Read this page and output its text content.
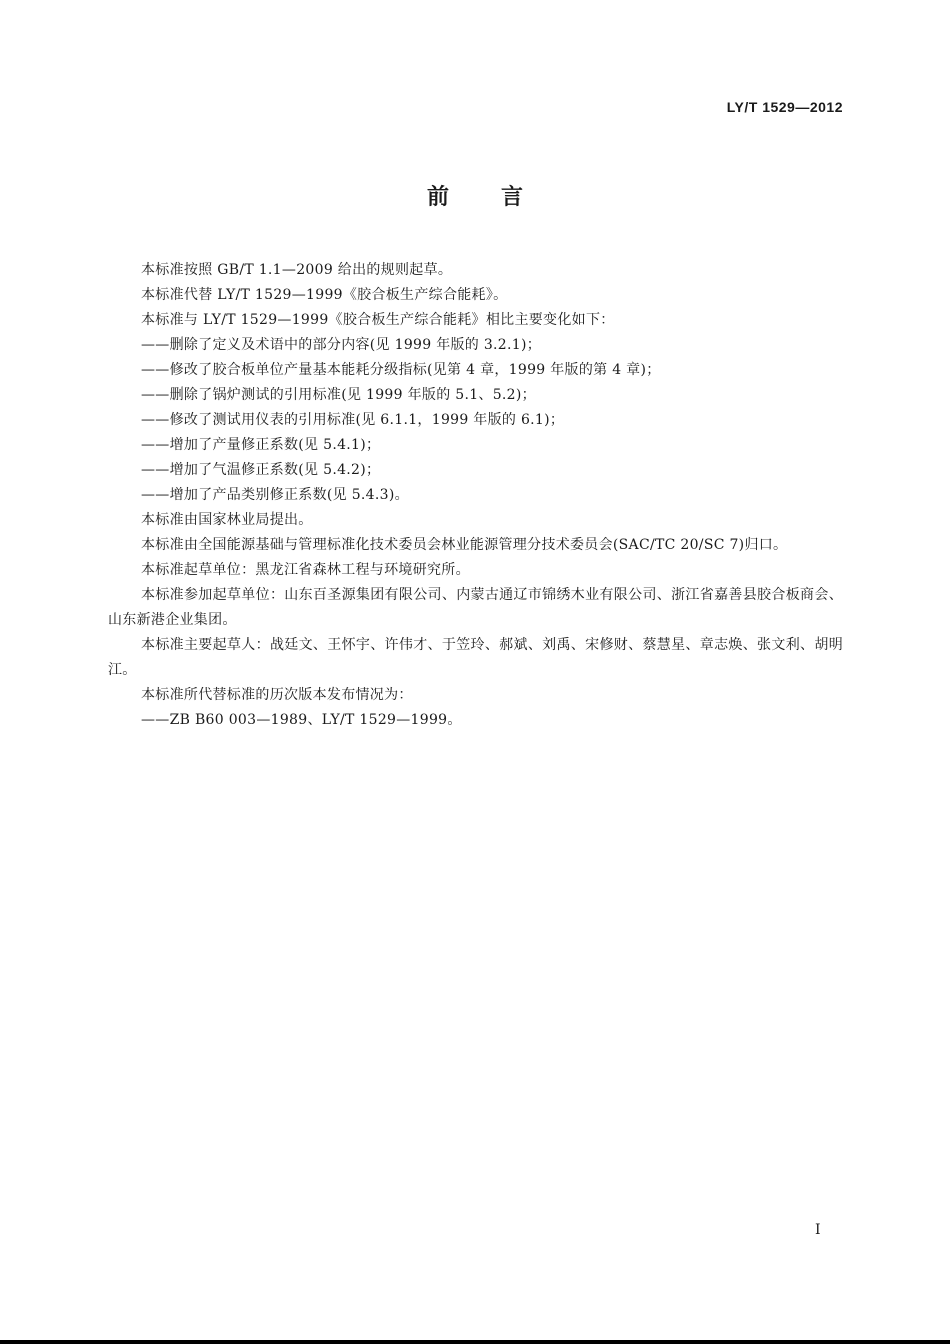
LY/T 1529—2012
前言

本标准按照 GB/T 1.1—2009 给出的规则起草。

本标准代替 LY/T 1529—1999《胶合板生产综合能耗》。

本标准与 LY/T 1529—1999《胶合板生产综合能耗》相比主要变化如下：

——删除了定义及术语中的部分内容(见 1999 年版的 3.2.1)；

——修改了胶合板单位产量基本能耗分级指标(见第 4 章，1999 年版的第 4 章)；

——删除了锅炉测试的引用标准(见 1999 年版的 5.1、5.2)；

——修改了测试用仪表的引用标准(见 6.1.1，1999 年版的 6.1)；

——增加了产量修正系数(见 5.4.1)；

——增加了气温修正系数(见 5.4.2)；

——增加了产品类别修正系数(见 5.4.3)。

本标准由国家林业局提出。

本标准由全国能源基础与管理标准化技术委员会林业能源管理分技术委员会(SAC/TC 20/SC 7)归口。

本标准起草单位：黑龙江省森林工程与环境研究所。

本标准参加起草单位：山东百圣源集团有限公司、内蒙古通辽市锦绣木业有限公司、浙江省嘉善县胶合板商会、山东新港企业集团。

本标准主要起草人：战廷文、王怀宇、许伟才、于笠玲、郝斌、刘禹、宋修财、蔡慧星、章志焕、张文利、胡明江。

本标准所代替标准的历次版本发布情况为：

——ZB B60 003—1989、LY/T 1529—1999。

I
